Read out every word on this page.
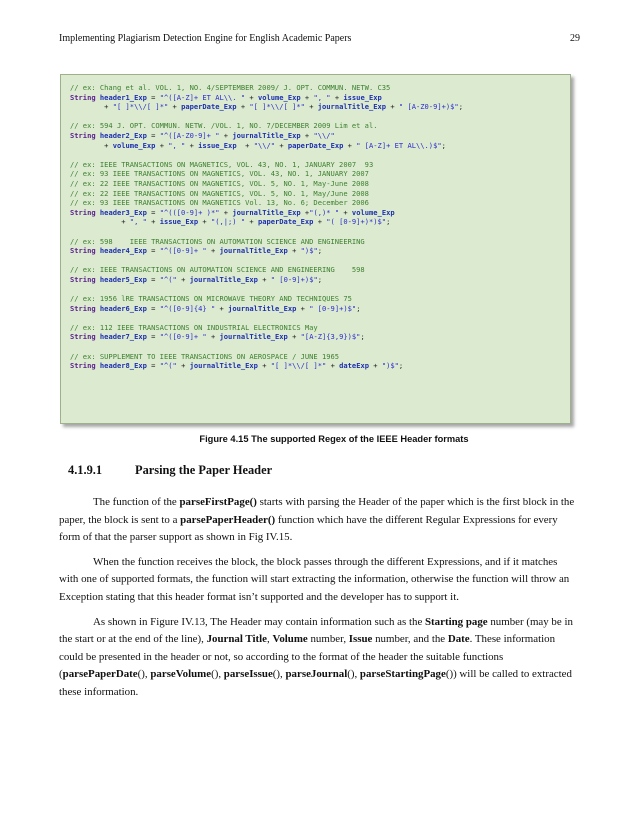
Implementing Plagiarism Detection Engine for English Academic Papers	29
// ex: Chang et al. VOL. 1, NO. 4/SEPTEMBER 2009/ J. OPT. COMMUN. NETW. C35
String header1_Exp = "^([A-Z]+ ET AL\\. " + volume_Exp + ", " + issue_Exp
+ "[ ]*\\/[ ]*" + paperDate_Exp + "[ ]*\\/[ ]*" + journalTitle_Exp + " [A-Z0-9]+)$";
// ex: 594 J. OPT. COMMUN. NETW. /VOL. 1, NO. 7/DECEMBER 2009 Lim et al.
String header2_Exp = "^([A-Z0-9]+ " + journalTitle_Exp + "\\/"
+ volume_Exp + ", " + issue_Exp  + "\\/" + paperDate_Exp + " [A-Z]+ ET AL\\.)$";
// ex: IEEE TRANSACTIONS ON MAGNETICS, VOL. 43, NO. 1, JANUARY 2007  93
// ex: 93 IEEE TRANSACTIONS ON MAGNETICS, VOL. 43, NO. 1, JANUARY 2007
// ex: 22 IEEE TRANSACTIONS ON MAGNETICS, VOL. 5, NO. 1, May-June 2008
// ex: 22 IEEE TRANSACTIONS ON MAGNETICS, VOL. 5, NO. 1, May/June 2008
// ex: 93 IEEE TRANSACTIONS ON MAGNETICS Vol. 13, No. 6; December 2006
String header3_Exp = "^(([0-9]+ )*" + journalTitle_Exp +"(,)* " + volume_Exp
+ ", " + issue_Exp + "(,|;) " + paperDate_Exp + "( [0-9]+)*)$";
// ex: 598    IEEE TRANSACTIONS ON AUTOMATION SCIENCE AND ENGINEERING
String header4_Exp = "^([0-9]+ " + journalTitle_Exp + ")$";
// ex: IEEE TRANSACTIONS ON AUTOMATION SCIENCE AND ENGINEERING    598
String header5_Exp = "^(" + journalTitle_Exp + " [0-9]+)$";
// ex: 1956 lRE TRANSACTIONS ON MICROWAVE THEORY AND TECHNIQUES 75
String header6_Exp = "^([0-9]{4} " + journalTitle_Exp + " [0-9]+)$";
// ex: 112 IEEE TRANSACTIONS ON INDUSTRIAL ELECTRONICS May
String header7_Exp = "^([0-9]+ " + journalTitle_Exp + "[A-Z]{3,9})$";
// ex: SUPPLEMENT TO IEEE TRANSACTIONS ON AEROSPACE / JUNE 1965
String header8_Exp = "^(" + journalTitle_Exp + "[ ]*\\/[ ]*" + dateExp + ")$";
Figure 4.15 The supported Regex of the IEEE Header formats
4.1.9.1	Parsing the Paper Header

The function of the parseFirstPage() starts with parsing the Header of the paper which is the first block in the paper, the block is sent to a parsePaperHeader() function which have the different Regular Expressions for every form of that the parser support as shown in Fig IV.15.

When the function receives the block, the block passes through the different Expressions, and if it matches with one of supported formats, the function will start extracting the information, otherwise the function will throw an Exception stating that this header format isn’t supported and the developer has to support it.

As shown in Figure IV.13, The Header may contain information such as the Starting page number (may be in the start or at the end of the line), Journal Title, Volume number, Issue number, and the Date. These information could be presented in the header or not, so according to the format of the header the suitable functions (parsePaperDate(), parseVolume(), parseIssue(), parseJournal(), parseStartingPage()) will be called to extracted these information.
